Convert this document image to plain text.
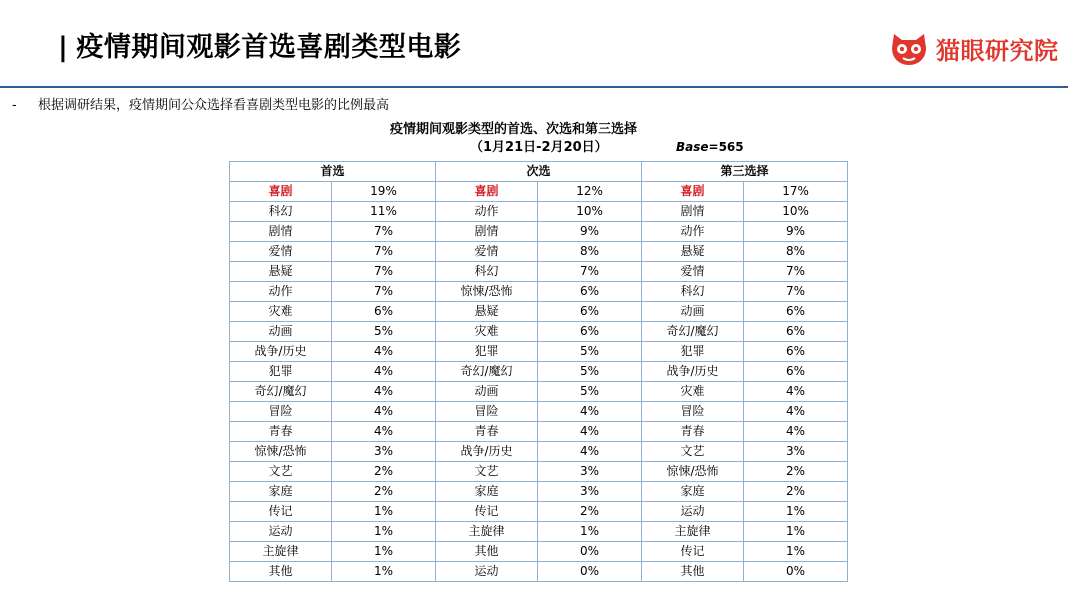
| 疫情期间观影首选喜剧类型电影	猫眼研究院
- 根据调研结果，疫情期间公众选择看喜剧类型电影的比例最高
疫情期间观影类型的首选、次选和第三选择
（1月21日-2月20日）	Base=565
首选		次选		第三选择	
喜剧	19%	喜剧	12%	喜剧	17%
科幻	11%	动作	10%	剧情	10%
剧情	7%	剧情	9%	动作	9%
爱情	7%	爱情	8%	悬疑	8%
悬疑	7%	科幻	7%	爱情	7%
动作	7%	惊悚/恐怖	6%	科幻	7%
灾难	6%	悬疑	6%	动画	6%
动画	5%	灾难	6%	奇幻/魔幻	6%
战争/历史	4%	犯罪	5%	犯罪	6%
犯罪	4%	奇幻/魔幻	5%	战争/历史	6%
奇幻/魔幻	4%	动画	5%	灾难	4%
冒险	4%	冒险	4%	冒险	4%
青春	4%	青春	4%	青春	4%
惊悚/恐怖	3%	战争/历史	4%	文艺	3%
文艺	2%	文艺	3%	惊悚/恐怖	2%
家庭	2%	家庭	3%	家庭	2%
传记	1%	传记	2%	运动	1%
运动	1%	主旋律	1%	主旋律	1%
主旋律	1%	其他	0%	传记	1%
其他	1%	运动	0%	其他	0%
